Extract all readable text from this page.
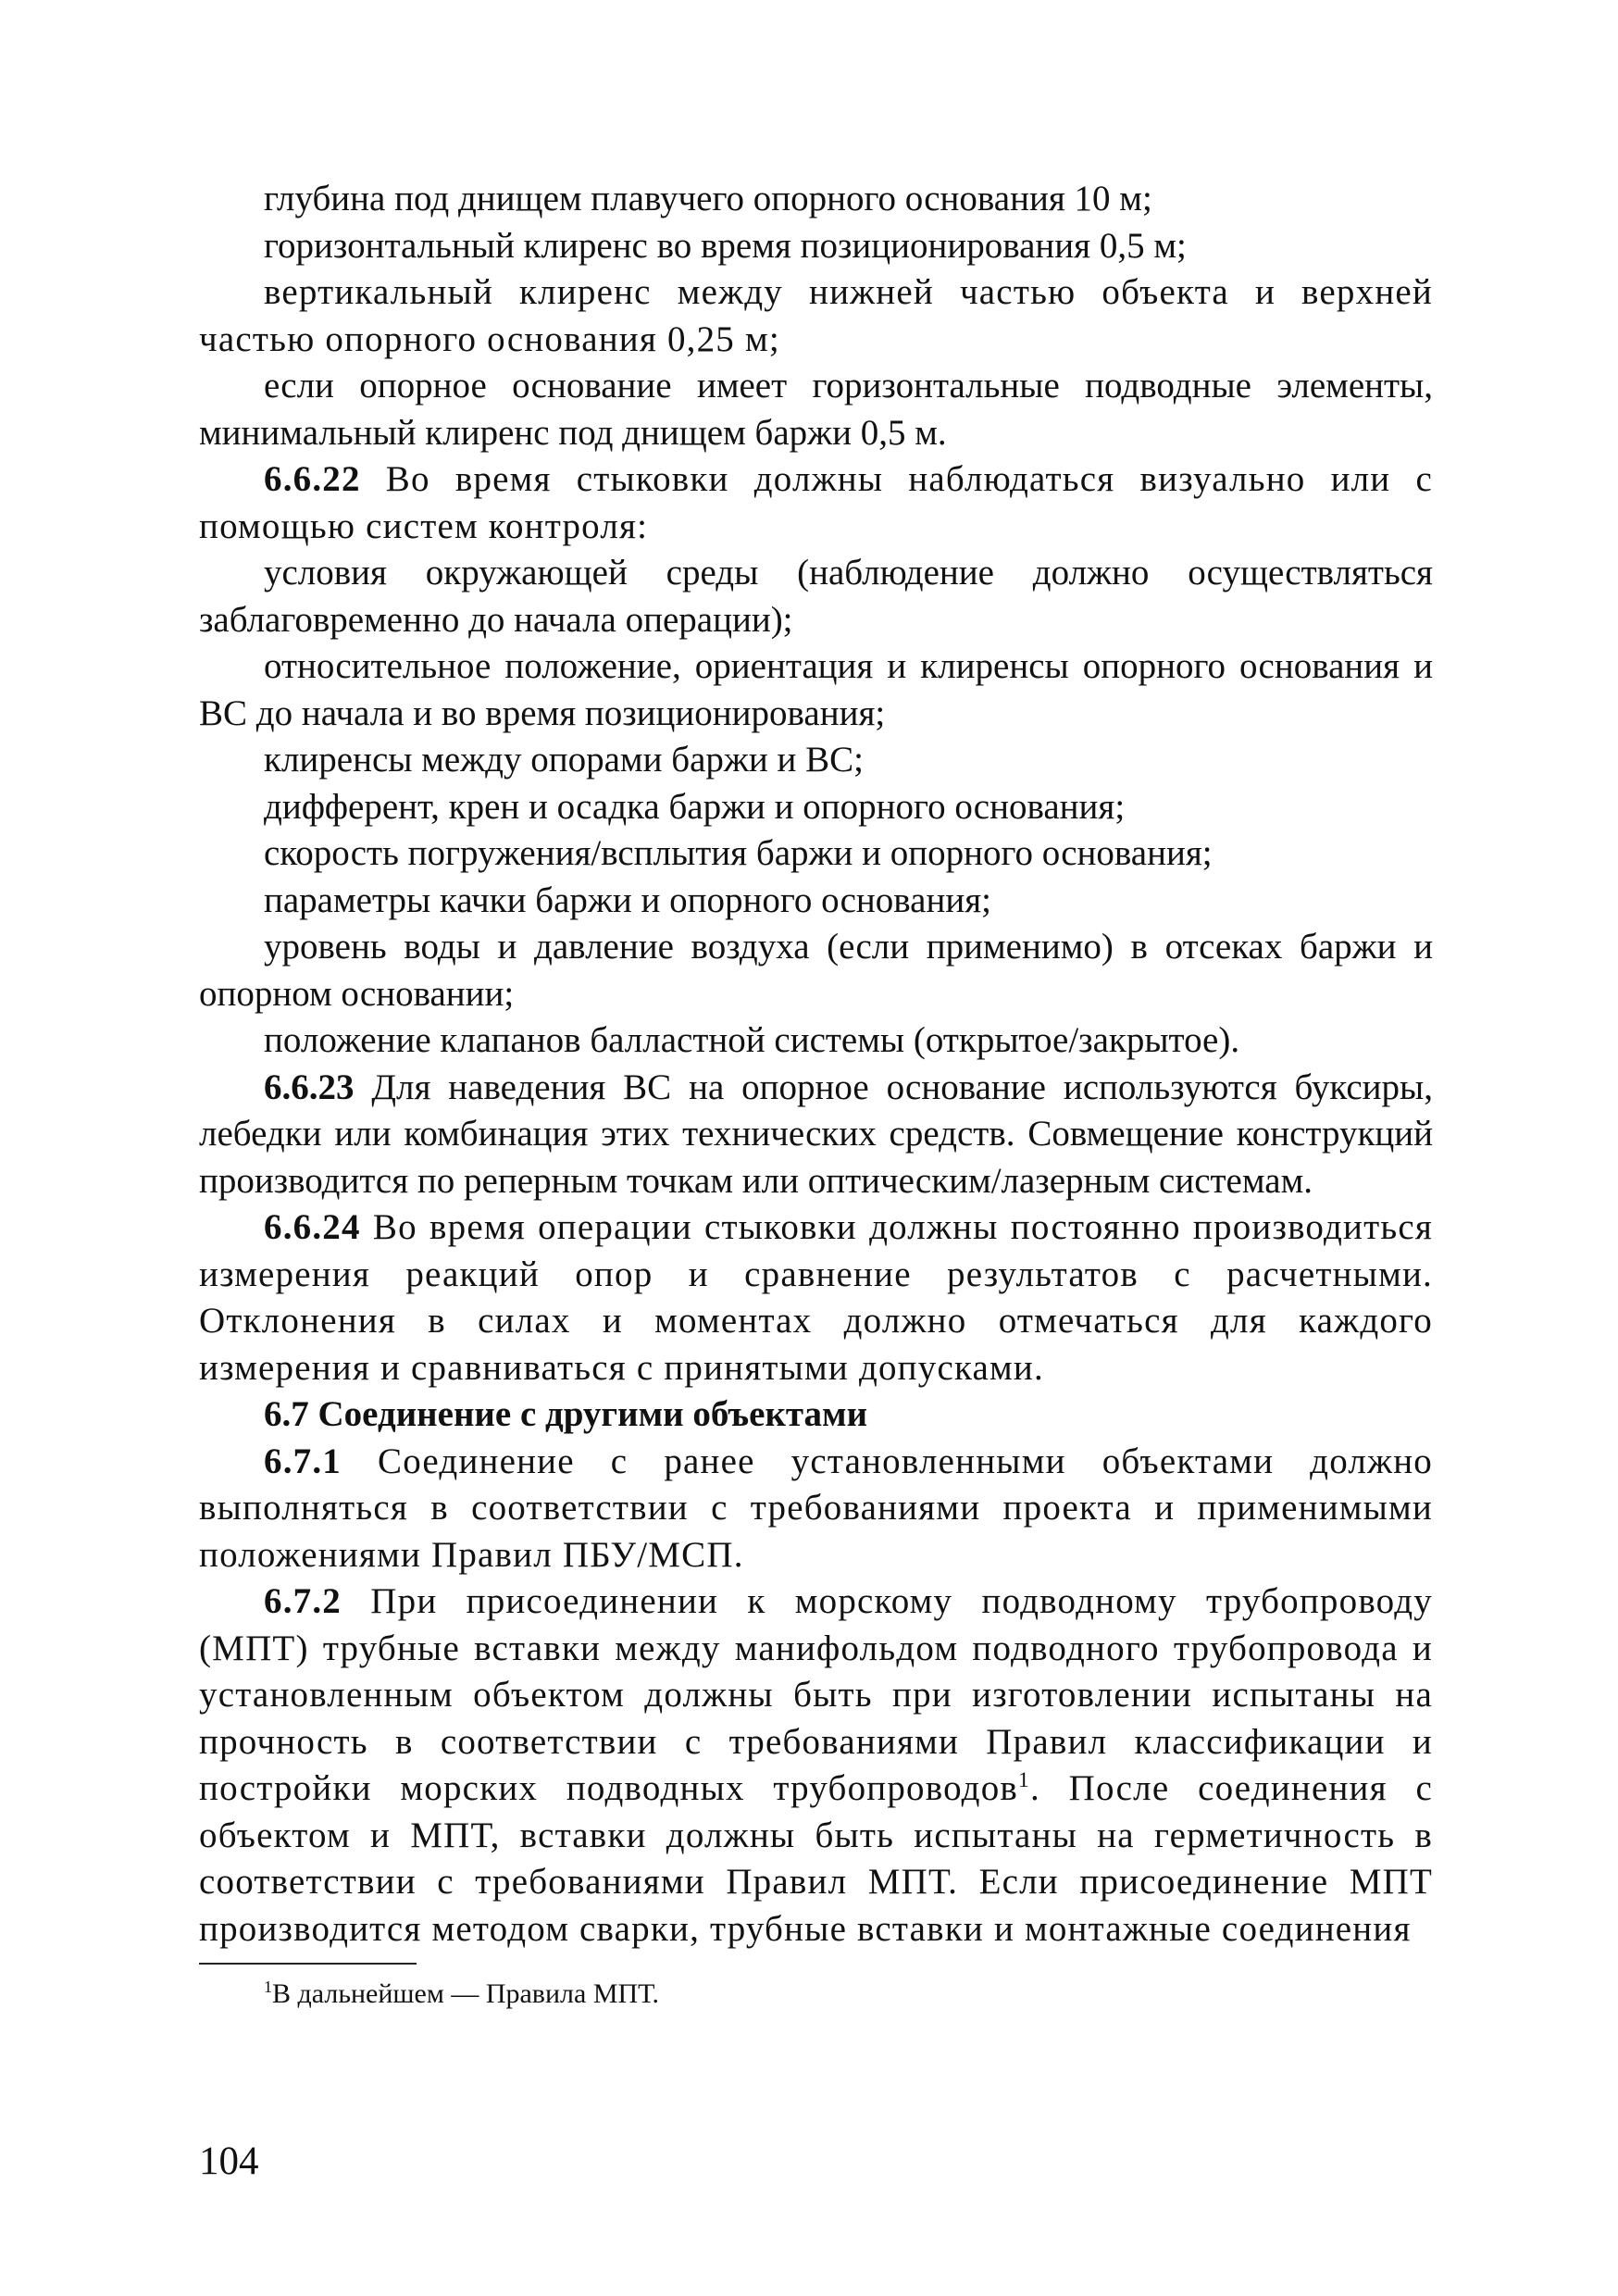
глубина под днищем плавучего опорного основания 10 м;

горизонтальный клиренс во время позиционирования 0,5 м;

вертикальный клиренс между нижней частью объекта и верхней частью опорного основания 0,25 м;

если опорное основание имеет горизонтальные подводные элементы, минимальный клиренс под днищем баржи 0,5 м.

6.6.22 Во время стыковки должны наблюдаться визуально или с помощью систем контроля:

условия окружающей среды (наблюдение должно осуществляться заблаговременно до начала операции);

относительное положение, ориентация и клиренсы опорного основания и ВС до начала и во время позиционирования;

клиренсы между опорами баржи и ВС;

дифферент, крен и осадка баржи и опорного основания;

скорость погружения/всплытия баржи и опорного основания;

параметры качки баржи и опорного основания;

уровень воды и давление воздуха (если применимо) в отсеках баржи и опорном основании;

положение клапанов балластной системы (открытое/закрытое).

6.6.23 Для наведения ВС на опорное основание используются буксиры, лебедки или комбинация этих технических средств. Совмещение конструкций производится по реперным точкам или оптическим/лазерным системам.

6.6.24 Во время операции стыковки должны постоянно производиться измерения реакций опор и сравнение результатов с расчетными. Отклонения в силах и моментах должно отмечаться для каждого измерения и сравниваться с принятыми допусками.

6.7 Соединение с другими объектами

6.7.1 Соединение с ранее установленными объектами должно выполняться в соответствии с требованиями проекта и применимыми положениями Правил ПБУ/МСП.

6.7.2 При присоединении к морскому подводному трубопроводу (МПТ) трубные вставки между манифольдом подводного трубопровода и установленным объектом должны быть при изготовлении испытаны на прочность в соответствии с требованиями Правил классификации и постройки морских подводных трубопроводов$^1$. После соединения с объектом и МПТ, вставки должны быть испытаны на герметичность в соответствии с требованиями Правил МПТ. Если присоединение МПТ производится методом сварки, трубные вставки и монтажные соединения

$^1$В дальнейшем — Правила МПТ.
104
